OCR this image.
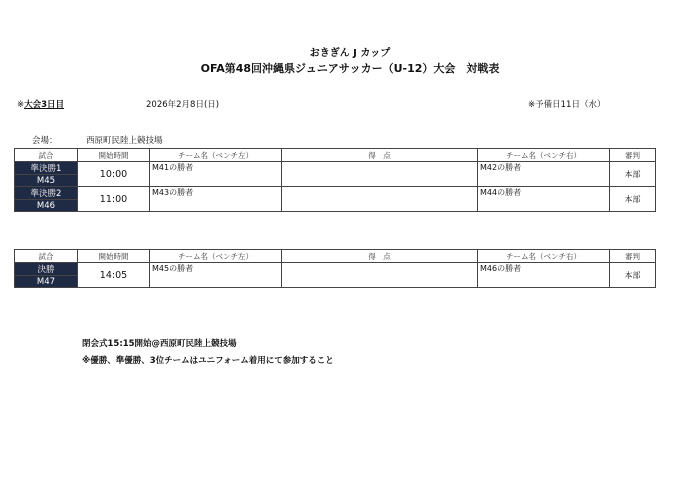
おきぎん J カップ
OFA第48回沖縄県ジュニアサッカー（U-12）大会　対戦表
※大会3日目	2026年2月8日(日)	※予備日11日（水）
会場：	西原町民陸上競技場
試合	開始時間	チーム名（ベンチ左）	得　点	チーム名（ベンチ右）	審判
準決勝1	10:00	M41の勝者		M42の勝者	本部
M45					
準決勝2	11:00	M43の勝者		M44の勝者	本部
M46					
試合	開始時間	チーム名（ベンチ左）	得　点	チーム名（ベンチ右）	審判
決勝	14:05	M45の勝者		M46の勝者	本部
M47					
閉会式15:15開始@西原町民陸上競技場
※優勝、準優勝、3位チームはユニフォーム着用にて参加すること
